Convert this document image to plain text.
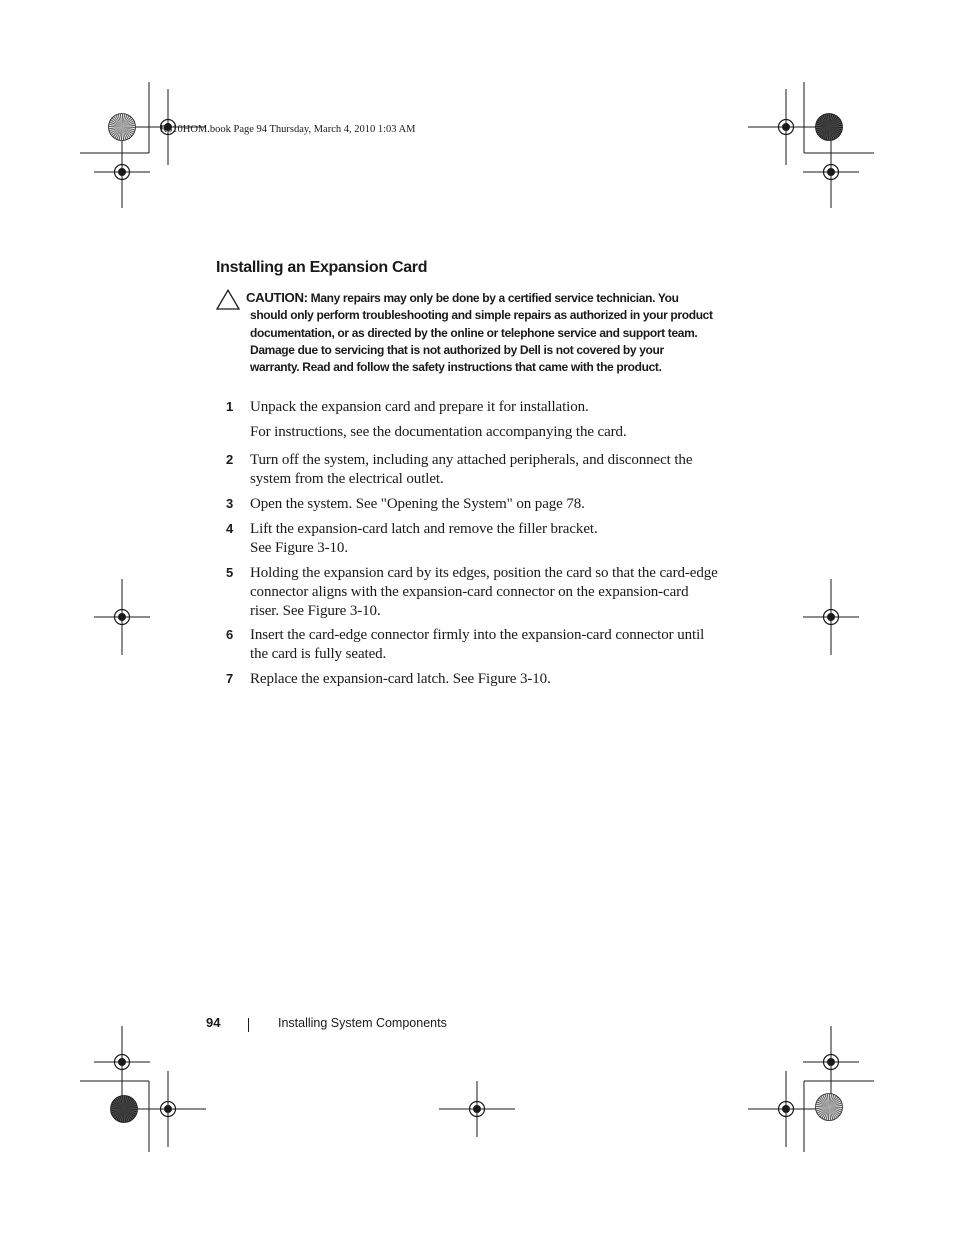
R310HOM.book Page 94 Thursday, March 4, 2010 1:03 AM
Installing an Expansion Card
CAUTION: Many repairs may only be done by a certified service technician. You should only perform troubleshooting and simple repairs as authorized in your product documentation, or as directed by the online or telephone service and support team. Damage due to servicing that is not authorized by Dell is not covered by your warranty. Read and follow the safety instructions that came with the product.
1 Unpack the expansion card and prepare it for installation.
For instructions, see the documentation accompanying the card.
2 Turn off the system, including any attached peripherals, and disconnect the system from the electrical outlet.
3 Open the system. See "Opening the System" on page 78.
4 Lift the expansion-card latch and remove the filler bracket.
See Figure 3-10.
5 Holding the expansion card by its edges, position the card so that the card-edge connector aligns with the expansion-card connector on the expansion-card riser. See Figure 3-10.
6 Insert the card-edge connector firmly into the expansion-card connector until the card is fully seated.
7 Replace the expansion-card latch. See Figure 3-10.
94	Installing System Components
